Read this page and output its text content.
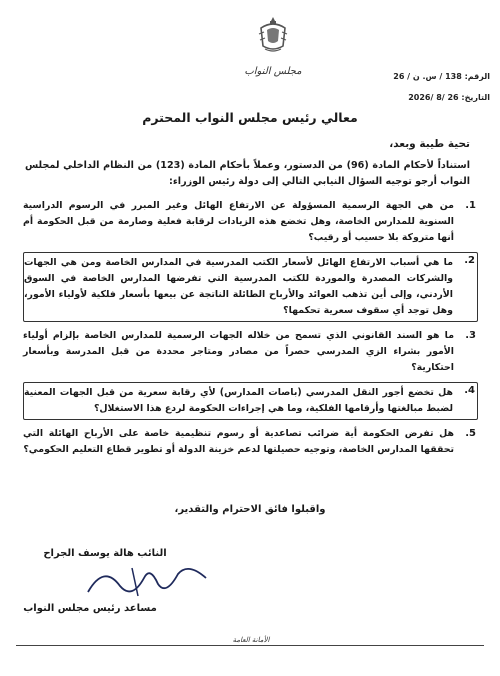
مجلس النواب	الرقم: 138 / س. ن / 26
التاريخ: 26 /8 /2026
معالي رئيس مجلس النواب المحترم
تحية طيبة وبعد،
استناداً لأحكام المادة (96) من الدستور، وعملاً بأحكام المادة (123) من النظام الداخلي لمجلس النواب أرجو توجيه السؤال النيابي التالي إلى دولة رئيس الوزراء:
1.
من هي الجهة الرسمية المسؤولة عن الارتفاع الهائل وغير المبرر في الرسوم الدراسية السنوية للمدارس الخاصة، وهل تخضع هذه الزيادات لرقابة فعلية وصارمة من قبل الحكومة أم أنها متروكة بلا حسيب أو رقيب؟
2.
ما هي أسباب الارتفاع الهائل لأسعار الكتب المدرسية في المدارس الخاصة ومن هي الجهات والشركات المصدرة والموردة للكتب المدرسية التي تفرضها المدارس الخاصة في السوق الأردني، وإلى أين تذهب العوائد والأرباح الطائلة الناتجة عن بيعها بأسعار فلكية لأولياء الأمور، وهل توجد أي سقوف سعرية تحكمها؟
3.
ما هو السند القانوني الذي تسمح من خلاله الجهات الرسمية للمدارس الخاصة بإلزام أولياء الأمور بشراء الزي المدرسي حصراً من مصادر ومتاجر محددة من قبل المدرسة وبأسعار احتكارية؟
4.
هل تخضع أجور النقل المدرسي (باصات المدارس) لأي رقابة سعرية من قبل الجهات المعنية لضبط مبالغتها وأرقامها الفلكية، وما هي إجراءات الحكومة لردع هذا الاستغلال؟
5.
هل تفرض الحكومة أية ضرائب تصاعدية أو رسوم تنظيمية خاصة على الأرباح الهائلة التي تحققها المدارس الخاصة، وتوجيه حصيلتها لدعم خزينة الدولة أو تطوير قطاع التعليم الحكومي؟
واقبلوا فائق الاحترام والتقدير،
النائب هالة يوسف الجراح
مساعد رئيس مجلس النواب
الأمانة العامة
